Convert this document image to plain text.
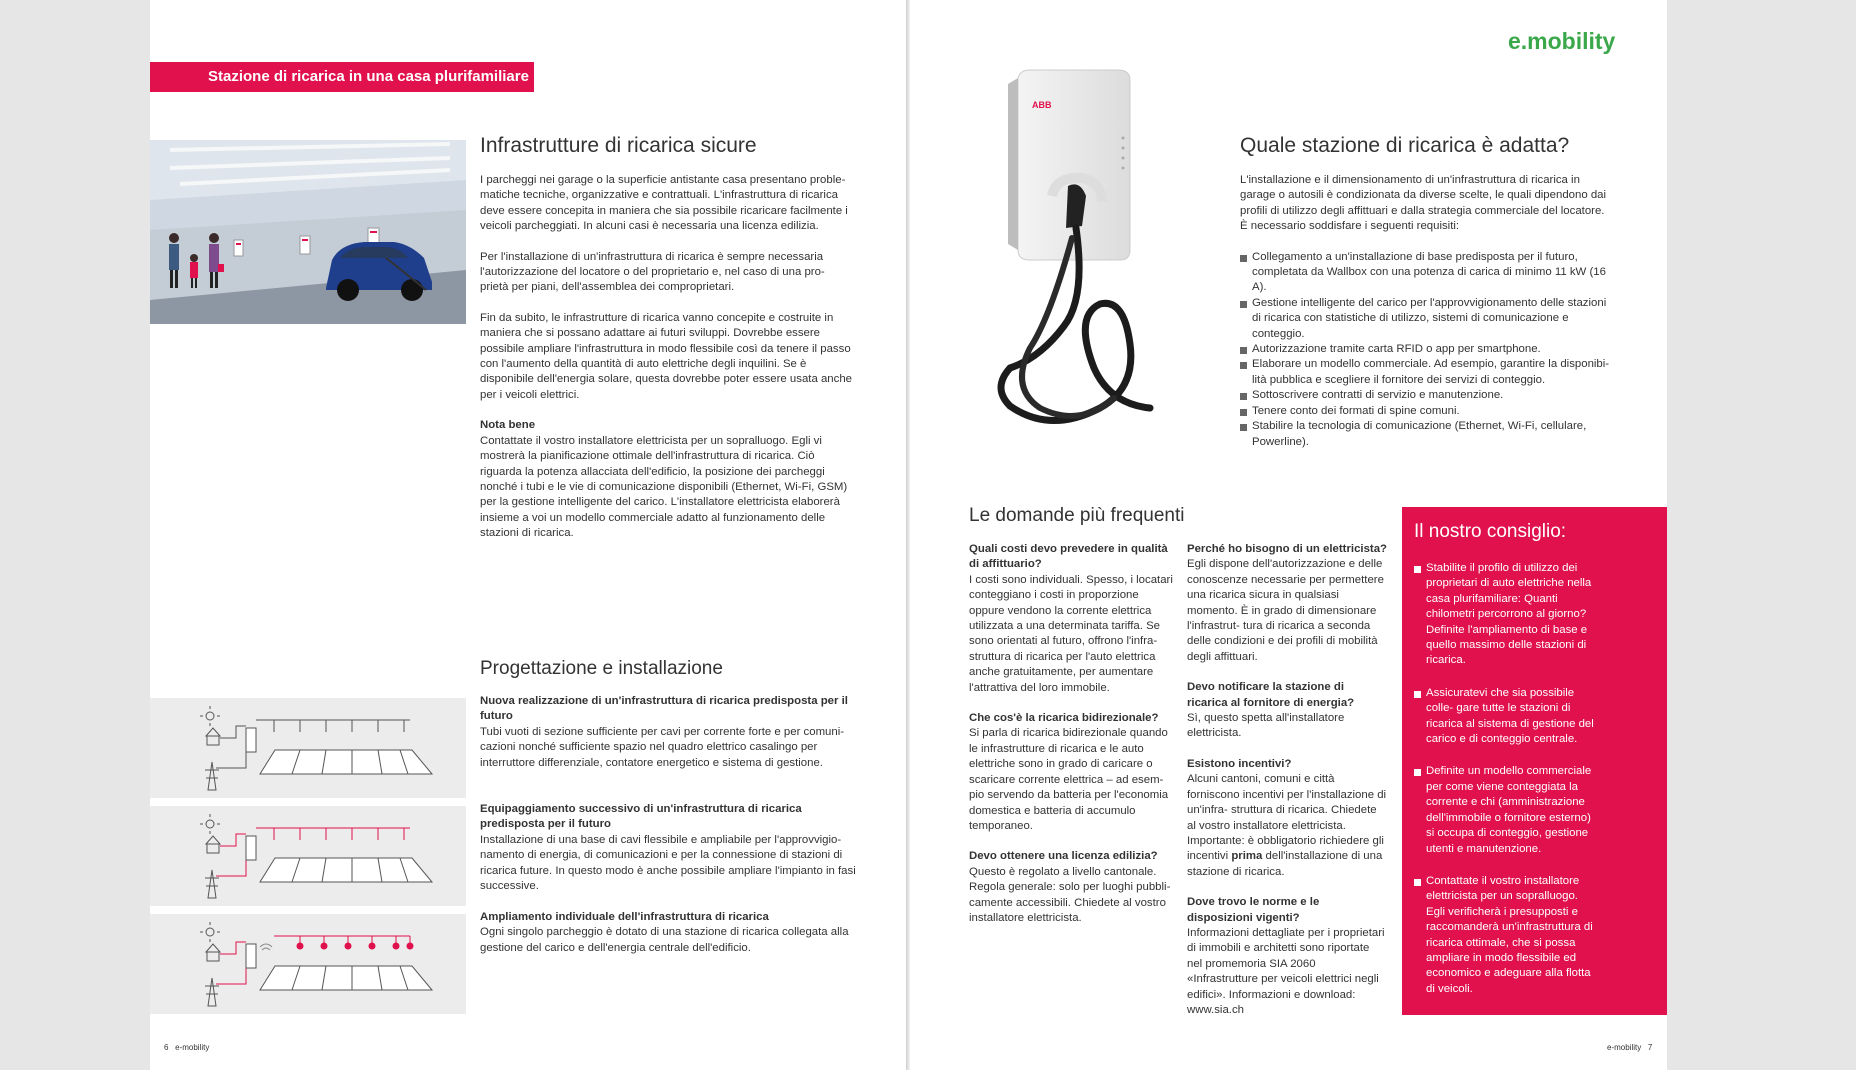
Stazione di ricarica in una casa plurifamiliare
Infrastrutture di ricarica sicure

I parcheggi nei garage o la superficie antistante casa presentano proble- matiche tecniche, organizzative e contrattuali. L'infrastruttura di ricarica deve essere concepita in maniera che sia possibile ricaricare facilmente i veicoli parcheggiati. In alcuni casi è necessaria una licenza edilizia.

Per l'installazione di un'infrastruttura di ricarica è sempre necessaria l'autorizzazione del locatore o del proprietario e, nel caso di una pro- prietà per piani, dell'assemblea dei comproprietari.

Fin da subito, le infrastrutture di ricarica vanno concepite e costruite in maniera che si possano adattare ai futuri sviluppi. Dovrebbe essere possibile ampliare l'infrastruttura in modo flessibile così da tenere il passo con l'aumento della quantità di auto elettriche degli inquilini. Se è disponibile dell'energia solare, questa dovrebbe poter essere usata anche per i veicoli elettrici.

Nota bene
Contattate il vostro installatore elettricista per un sopralluogo. Egli vi mostrerà la pianificazione ottimale dell'infrastruttura di ricarica. Ciò riguarda la potenza allacciata dell'edificio, la posizione dei parcheggi nonché i tubi e le vie di comunicazione disponibili (Ethernet, Wi-Fi, GSM) per la gestione intelligente del carico. L'installatore elettricista elaborerà insieme a voi un modello commerciale adatto al funzionamento delle stazioni di ricarica.
Progettazione e installazione
Nuova realizzazione di un'infrastruttura di ricarica predisposta per il futuro
Tubi vuoti di sezione sufficiente per cavi per corrente forte e per comuni- cazioni nonché sufficiente spazio nel quadro elettrico casalingo per interruttore differenziale, contatore energetico e sistema di gestione.
Equipaggiamento successivo di un'infrastruttura di ricarica predisposta per il futuro
Installazione di una base di cavi flessibile e ampliabile per l'approvvigio- namento di energia, di comunicazioni e per la connessione di stazioni di ricarica future. In questo modo è anche possibile ampliare l'impianto in fasi successive.
Ampliamento individuale dell'infrastruttura di ricarica
Ogni singolo parcheggio è dotato di una stazione di ricarica collegata alla gestione del carico e dell'energia centrale dell'edificio.
6 e-mobility
e.mobility
ABB
Quale stazione di ricarica è adatta?

L'installazione e il dimensionamento di un'infrastruttura di ricarica in garage o autosili è condizionata da diverse scelte, le quali dipendono dai profili di utilizzo degli affittuari e dalla strategia commerciale del locatore. È necessario soddisfare i seguenti requisiti:

Collegamento a un'installazione di base predisposta per il futuro, completata da Wallbox con una potenza di carica di minimo 11 kW (16 A).
Gestione intelligente del carico per l'approvvigionamento delle stazioni di ricarica con statistiche di utilizzo, sistemi di comunicazione e conteggio.
Autorizzazione tramite carta RFID o app per smartphone.
Elaborare un modello commerciale. Ad esempio, garantire la disponibi- lità pubblica e scegliere il fornitore dei servizi di conteggio.
Sottoscrivere contratti di servizio e manutenzione.
Tenere conto dei formati di spine comuni.
Stabilire la tecnologia di comunicazione (Ethernet, Wi-Fi, cellulare, Powerline).
Le domande più frequenti
Quali costi devo prevedere in qualità di affittuario?

I costi sono individuali. Spesso, i locatari conteggiano i costi in proporzione oppure vendono la corrente elettrica utilizzata a una determinata tariffa. Se sono orientati al futuro, offrono l'infra- struttura di ricarica per l'auto elettrica anche gratuitamente, per aumentare l'attrattiva del loro immobile.

Che cos'è la ricarica bidirezionale?

Si parla di ricarica bidirezionale quando le infrastrutture di ricarica e le auto elettriche sono in grado di caricare o scaricare corrente elettrica – ad esem- pio servendo da batteria per l'economia domestica e batteria di accumulo temporaneo.

Devo ottenere una licenza edilizia?

Questo è regolato a livello cantonale. Regola generale: solo per luoghi pubbli- camente accessibili. Chiedete al vostro installatore elettricista.

Perché ho bisogno di un elettricista?

Egli dispone dell'autorizzazione e delle conoscenze necessarie per permettere una ricarica sicura in qualsiasi momento. È in grado di dimensionare l'infrastrut- tura di ricarica a seconda delle condizioni e dei profili di mobilità degli affittuari.

Devo notificare la stazione di ricarica al fornitore di energia?

Sì, questo spetta all'installatore elettricista.

Esistono incentivi?

Alcuni cantoni, comuni e città forniscono incentivi per l'installazione di un'infra- struttura di ricarica. Chiedete al vostro installatore elettricista. Importante: è obbligatorio richiedere gli incentivi prima dell'installazione di una stazione di ricarica.

Dove trovo le norme e le disposizioni vigenti?

Informazioni dettagliate per i proprietari di immobili e architetti sono riportate nel promemoria SIA 2060 «Infrastrutture per veicoli elettrici negli edifici». Informazioni e download: www.sia.ch

Il nostro consiglio:
Stabilite il profilo di utilizzo dei proprietari di auto elettriche nella casa plurifamiliare: Quanti chilometri percorrono al giorno? Definite l'ampliamento di base e quello massimo delle stazioni di ricarica.
Assicuratevi che sia possibile colle- gare tutte le stazioni di ricarica al sistema di gestione del carico e di conteggio centrale.
Definite un modello commerciale per come viene conteggiata la corrente e chi (amministrazione dell'immobile o fornitore esterno) si occupa di conteggio, gestione utenti e manutenzione.
Contattate il vostro installatore elettricista per un sopralluogo. Egli verificherà i presupposti e raccomanderà un'infrastruttura di ricarica ottimale, che si possa ampliare in modo flessibile ed economico e adeguare alla flotta di veicoli.
e-mobility 7
